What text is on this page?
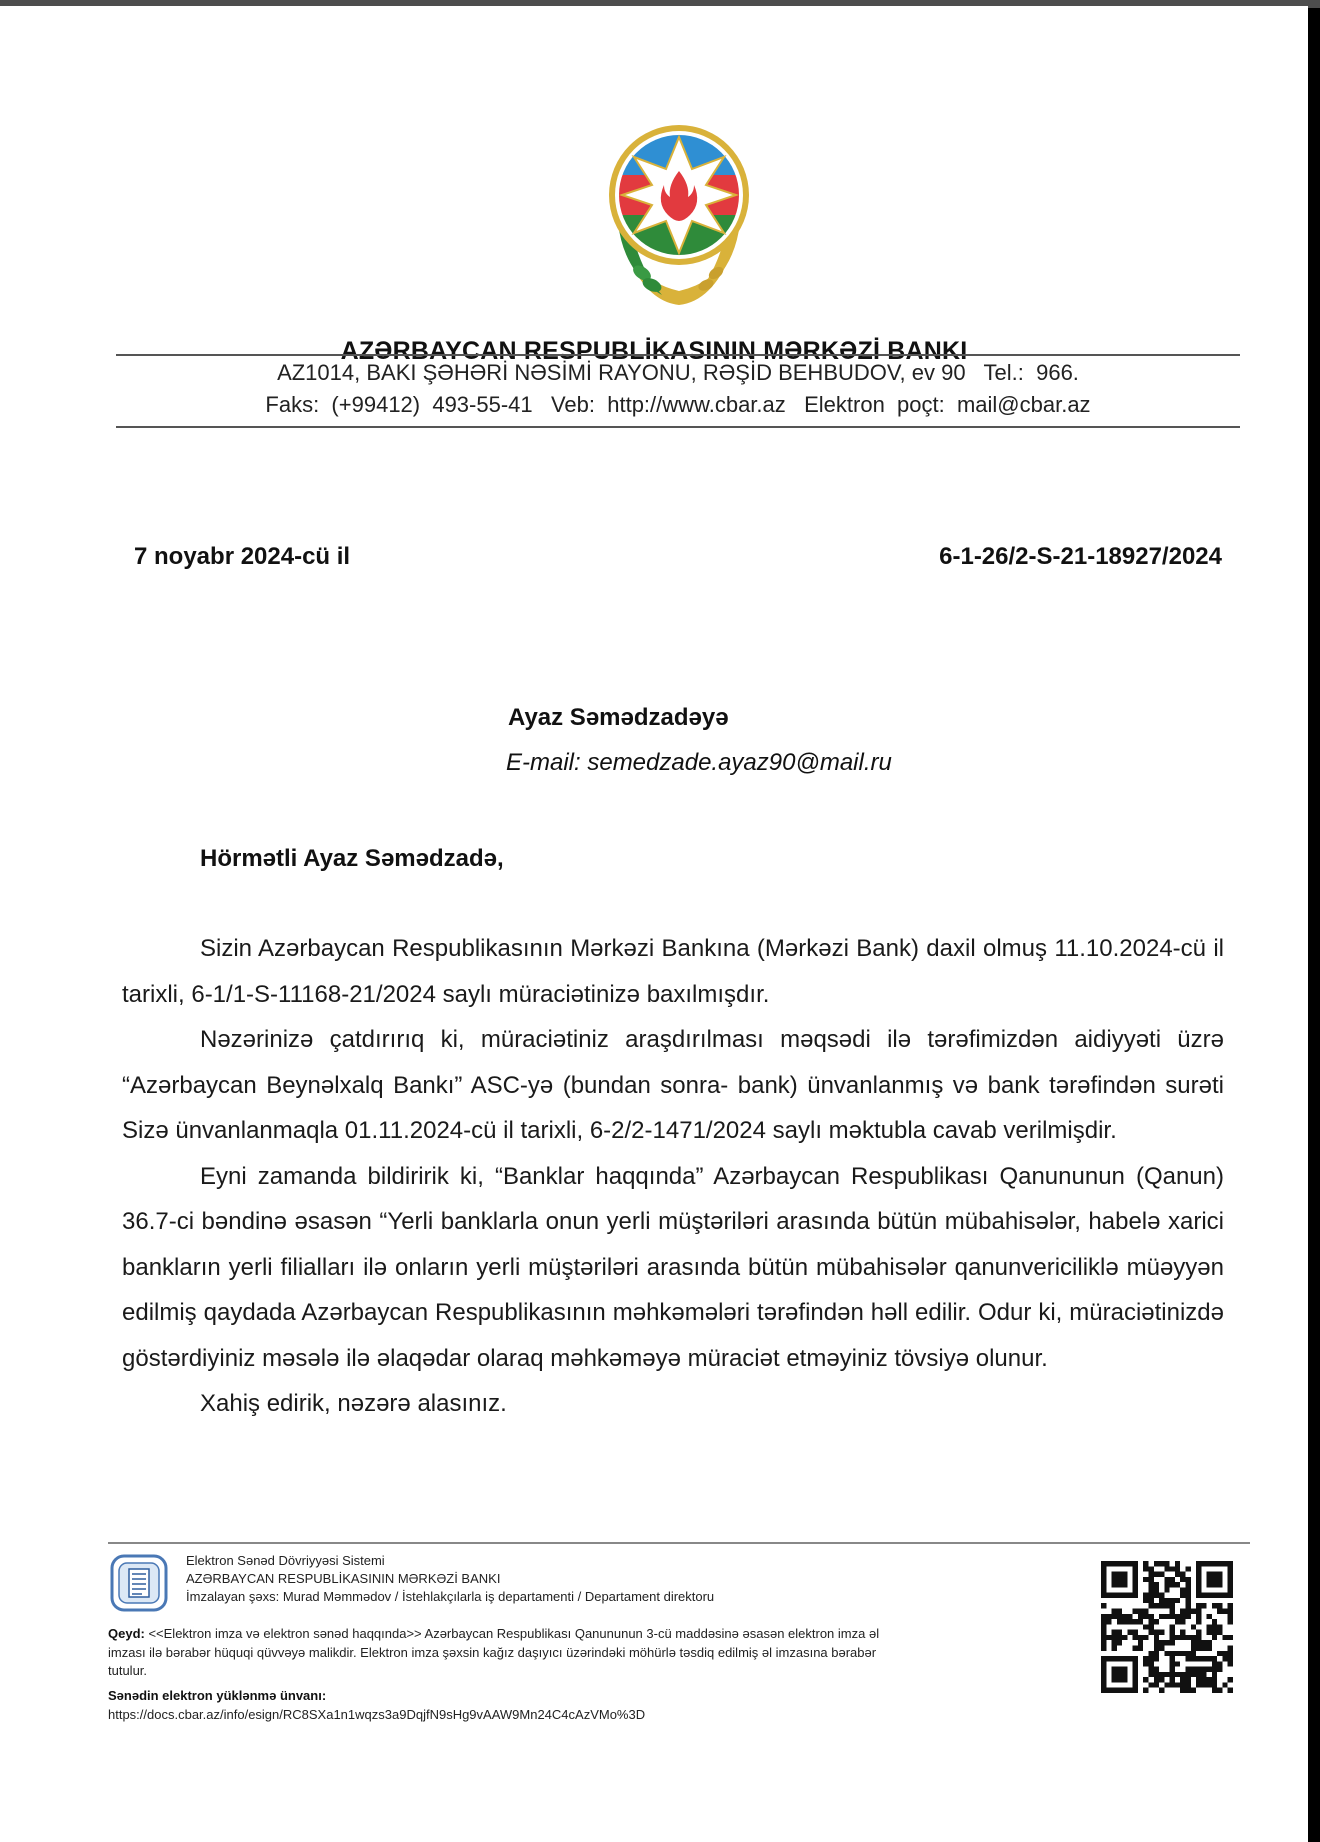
AZƏRBAYCAN RESPUBLİKASININ MƏRKƏZİ BANKI
AZ1014, BAKI ŞƏHƏRİ NƏSİMİ RAYONU, RƏŞİD BEHBUDOV, ev 90   Tel.:  966.
Faks:  (+99412)  493-55-41   Veb:  http://www.cbar.az   Elektron  poçt:  mail@cbar.az
7 noyabr 2024-cü il	6-1-26/2-S-21-18927/2024
Ayaz Səmədzadəyə
E-mail: semedzade.ayaz90@mail.ru
Hörmətli Ayaz Səmədzadə,

Sizin Azərbaycan Respublikasının Mərkəzi Bankına (Mərkəzi Bank) daxil olmuş 11.10.2024-cü il tarixli, 6-1/1-S-11168-21/2024 saylı müraciətinizə baxılmışdır.

Nəzərinizə çatdırırıq ki, müraciətiniz araşdırılması məqsədi ilə tərəfimizdən aidiyyəti üzrə “Azərbaycan Beynəlxalq Bankı” ASC-yə (bundan sonra- bank) ünvanlanmış və bank tərəfindən surəti Sizə ünvanlanmaqla 01.11.2024-cü il tarixli, 6-2/2-1471/2024 saylı məktubla cavab verilmişdir.

Eyni zamanda bildiririk ki, “Banklar haqqında” Azərbaycan Respublikası Qanununun (Qanun) 36.7-ci bəndinə əsasən “Yerli banklarla onun yerli müştəriləri arasında bütün mübahisələr, habelə xarici bankların yerli filialları ilə onların yerli müştəriləri arasında bütün mübahisələr qanunvericiliklə müəyyən edilmiş qaydada Azərbaycan Respublikasının məhkəmələri tərəfindən həll edilir. Odur ki, müraciətinizdə göstərdiyiniz məsələ ilə əlaqədar olaraq məhkəməyə müraciət etməyiniz tövsiyə olunur.

Xahiş edirik, nəzərə alasınız.

Elektron Sənəd Dövriyyəsi Sistemi
AZƏRBAYCAN RESPUBLİKASININ MƏRKƏZİ BANKI
İmzalayan şəxs: Murad Məmmədov / İstehlakçılarla iş departamenti / Departament direktoru
Qeyd: <<Elektron imza və elektron sənəd haqqında>> Azərbaycan Respublikası Qanununun 3-cü maddəsinə əsasən elektron imza əl imzası ilə bərabər hüquqi qüvvəyə malikdir. Elektron imza şəxsin kağız daşıyıcı üzərindəki möhürlə təsdiq edilmiş əl imzasına bərabər tutulur.
Sənədin elektron yüklənmə ünvanı:
https://docs.cbar.az/info/esign/RC8SXa1n1wqzs3a9DqjfN9sHg9vAAW9Mn24C4cAzVMo%3D
